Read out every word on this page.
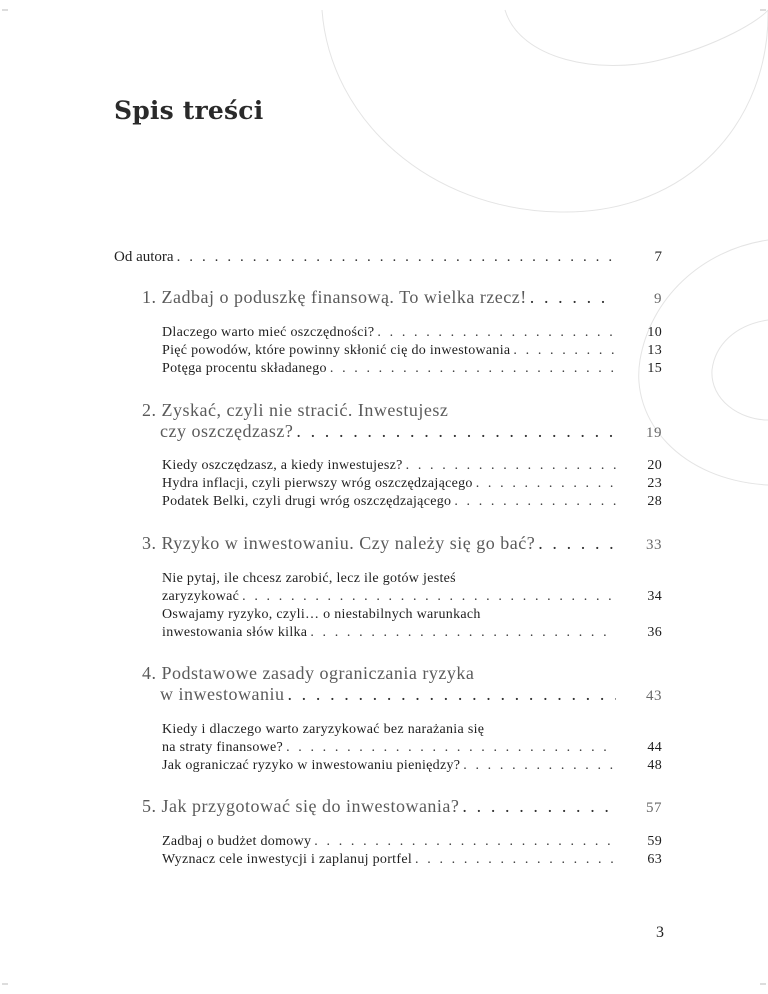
Spis treści
Od autora . . .	7
1. Zadbaj o poduszkę finansową. To wielka rzecz! . . .	9
Dlaczego warto mieć oszczędności? . . .	10
Pięć powodów, które powinny skłonić cię do inwestowania . . .	13
Potęga procentu składanego . . .	15
2. Zyskać, czyli nie stracić. Inwestujesz
czy oszczędzasz? . . .	19
Kiedy oszczędzasz, a kiedy inwestujesz? . . .	20
Hydra inflacji, czyli pierwszy wróg oszczędzającego . . .	23
Podatek Belki, czyli drugi wróg oszczędzającego . . .	28
3. Ryzyko w inwestowaniu. Czy należy się go bać? . . .	33
Nie pytaj, ile chcesz zarobić, lecz ile gotów jesteś
zaryzykować . . .	34
Oswajamy ryzyko, czyli… o niestabilnych warunkach
inwestowania słów kilka . . .	36
4. Podstawowe zasady ograniczania ryzyka
w inwestowaniu . . .	43
Kiedy i dlaczego warto zaryzykować bez narażania się
na straty finansowe? . . .	44
Jak ograniczać ryzyko w inwestowaniu pieniędzy? . . .	48
5. Jak przygotować się do inwestowania? . . .	57
Zadbaj o budżet domowy . . .	59
Wyznacz cele inwestycji i zaplanuj portfel . . .	63
3
